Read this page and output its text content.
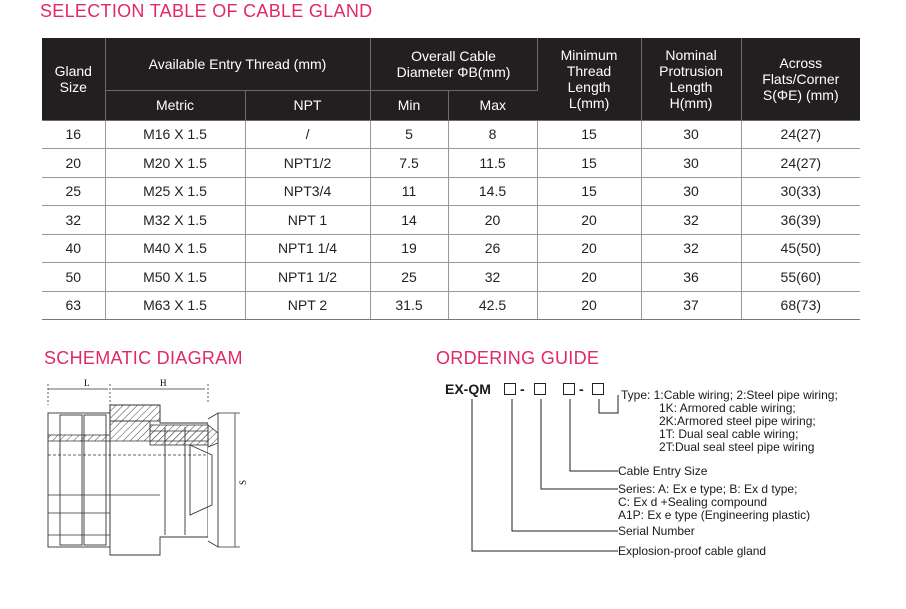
SELECTION TABLE OF CABLE GLAND
Gland Size	Available Entry Thread (mm)		Overall Cable Diameter ΦB(mm)		Minimum Thread Length L(mm)	Nominal Protrusion Length H(mm)	Across Flats/Corner S(ΦE) (mm)
	Metric	NPT	Min	Max			
16	M16 X 1.5	/	5	8	15	30	24(27)
20	M20 X 1.5	NPT1/2	7.5	11.5	15	30	24(27)
25	M25 X 1.5	NPT3/4	11	14.5	15	30	30(33)
32	M32 X 1.5	NPT 1	14	20	20	32	36(39)
40	M40 X 1.5	NPT1 1/4	19	26	20	32	45(50)
50	M50 X 1.5	NPT1 1/2	25	32	20	36	55(60)
63	M63 X 1.5	NPT 2	31.5	42.5	20	37	68(73)
SCHEMATIC DIAGRAM
L	H
S
ORDERING GUIDE
EX-QM -	-	Type: 1:Cable wiring; 2:Steel pipe wiring;
1K: Armored cable wiring;
2K:Armored steel pipe wiring;
1T: Dual seal cable wiring;
2T:Dual seal steel pipe wiring
Cable Entry Size
Series: A: Ex e type; B: Ex d type;
C: Ex d +Sealing compound
A1P: Ex e type (Engineering plastic)
Serial Number
Explosion-proof cable gland
